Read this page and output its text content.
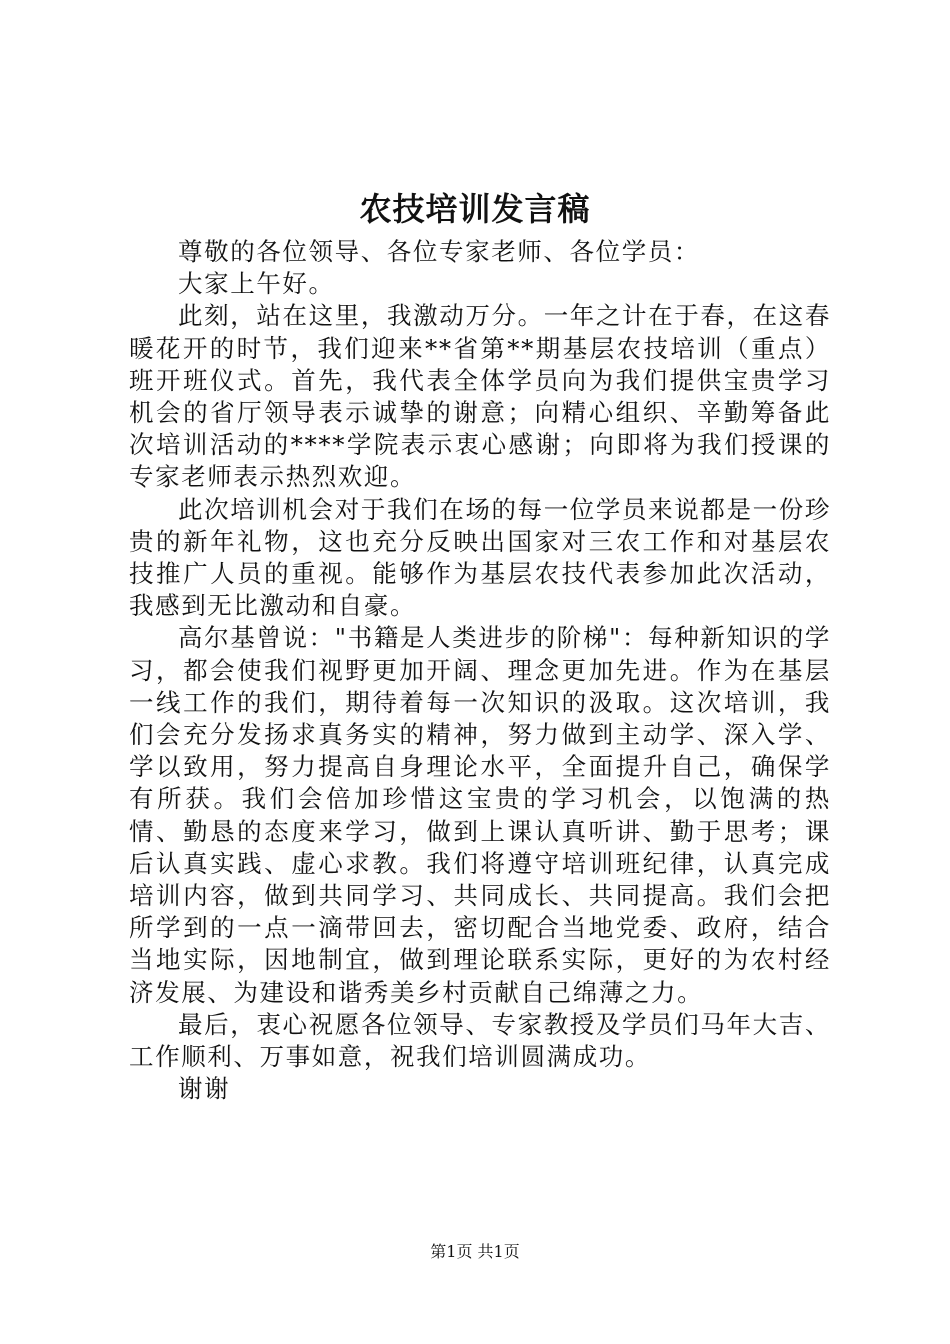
农技培训发言稿

尊敬的各位领导、各位专家老师、各位学员：

大家上午好。

此刻，站在这里，我激动万分。一年之计在于春，在这春暖花开的时节，我们迎来**省第**期基层农技培训（重点）班开班仪式。首先，我代表全体学员向为我们提供宝贵学习机会的省厅领导表示诚挚的谢意；向精心组织、辛勤筹备此次培训活动的****学院表示衷心感谢；向即将为我们授课的专家老师表示热烈欢迎。

此次培训机会对于我们在场的每一位学员来说都是一份珍贵的新年礼物，这也充分反映出国家对三农工作和对基层农技推广人员的重视。能够作为基层农技代表参加此次活动，我感到无比激动和自豪。

高尔基曾说："书籍是人类进步的阶梯"：每种新知识的学习，都会使我们视野更加开阔、理念更加先进。作为在基层一线工作的我们，期待着每一次知识的汲取。这次培训，我们会充分发扬求真务实的精神，努力做到主动学、深入学、学以致用，努力提高自身理论水平，全面提升自己，确保学有所获。我们会倍加珍惜这宝贵的学习机会，以饱满的热情、勤恳的态度来学习，做到上课认真听讲、勤于思考；课后认真实践、虚心求教。我们将遵守培训班纪律，认真完成培训内容，做到共同学习、共同成长、共同提高。我们会把所学到的一点一滴带回去，密切配合当地党委、政府，结合当地实际，因地制宜，做到理论联系实际，更好的为农村经济发展、为建设和谐秀美乡村贡献自己绵薄之力。

最后，衷心祝愿各位领导、专家教授及学员们马年大吉、工作顺利、万事如意，祝我们培训圆满成功。

谢谢

第1页 共1页
